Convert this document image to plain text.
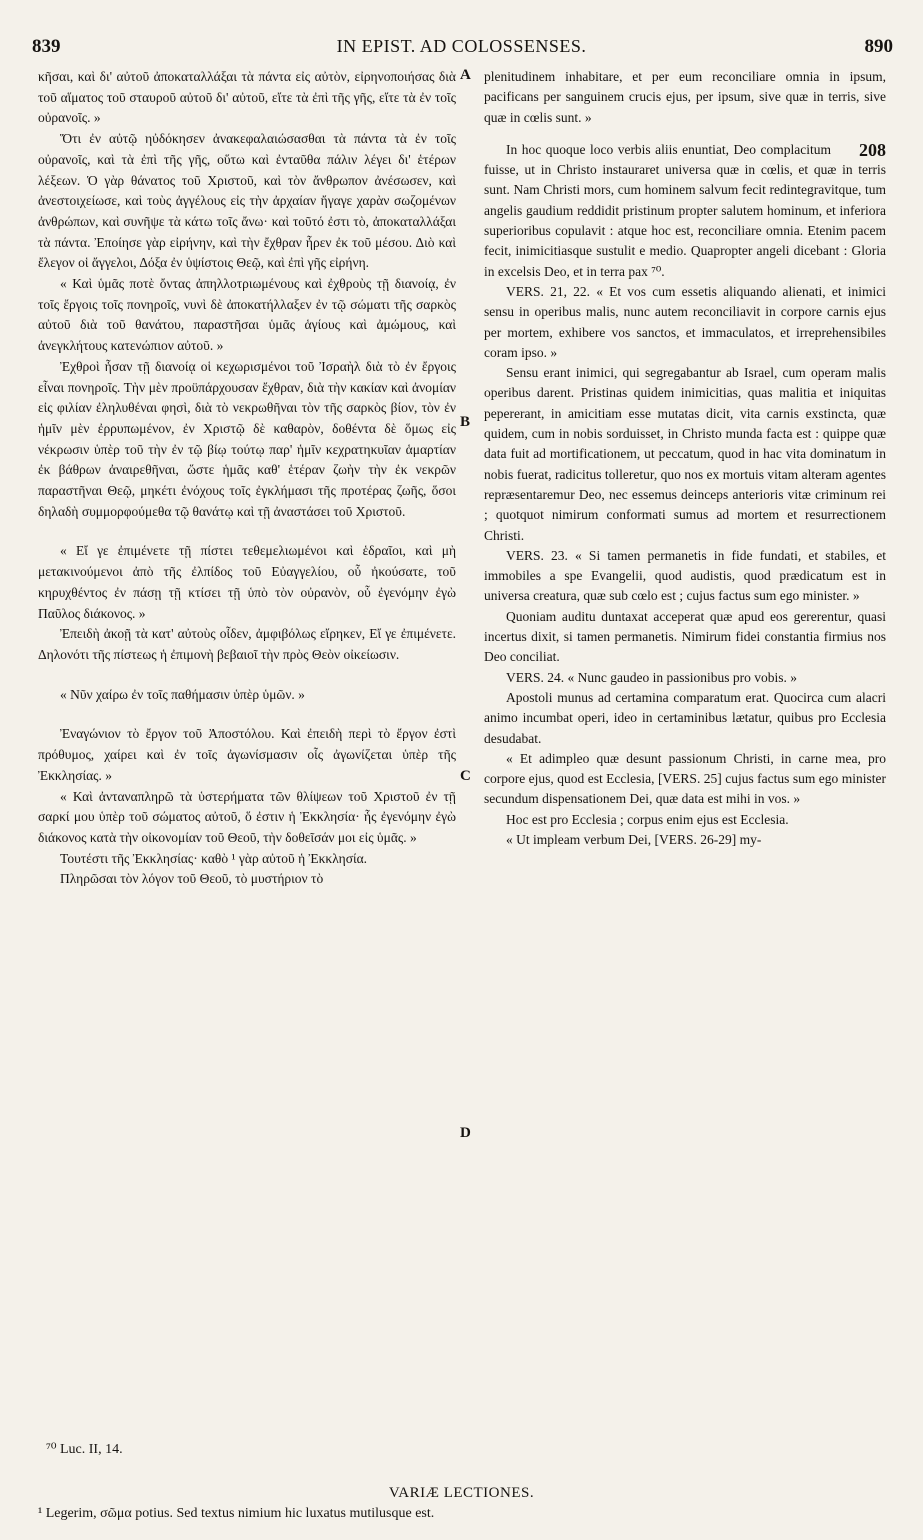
839	IN EPIST. AD COLOSSENSES.	890
A
B
C
D

κῆσαι, καὶ δι' αὐτοῦ ἀποκαταλλάξαι τὰ πάντα εἰς αὐτὸν, εἰρηνοποιήσας διὰ τοῦ αἵματος τοῦ σταυροῦ αὐτοῦ δι' αὐτοῦ, εἴτε τὰ ἐπὶ τῆς γῆς, εἴτε τὰ ἐν τοῖς οὐρανοῖς. »

Ὅτι ἐν αὐτῷ ηὐδόκησεν ἀνακεφαλαιώσασθαι τὰ πάντα τὰ ἐν τοῖς οὐρανοῖς, καὶ τὰ ἐπὶ τῆς γῆς, οὕτω καὶ ἐνταῦθα πάλιν λέγει δι' ἑτέρων λέξεων. Ὁ γὰρ θάνατος τοῦ Χριστοῦ, καὶ τὸν ἄνθρωπον ἀνέσωσεν, καὶ ἀνεστοιχείωσε, καὶ τοὺς ἀγγέλους εἰς τὴν ἀρχαίαν ἤγαγε χαρὰν σωζομένων ἀνθρώπων, καὶ συνῆψε τὰ κάτω τοῖς ἄνω· καὶ τοῦτό ἐστι τὸ, ἀποκαταλλάξαι τὰ πάντα. Ἐποίησε γὰρ εἰρήνην, καὶ τὴν ἔχθραν ἦρεν ἐκ τοῦ μέσου. Διὸ καὶ ἔλεγον οἱ ἄγγελοι, Δόξα ἐν ὑψίστοις Θεῷ, καὶ ἐπὶ γῆς εἰρήνη.

« Καὶ ὑμᾶς ποτὲ ὄντας ἀπηλλοτριωμένους καὶ ἐχθροὺς τῇ διανοίᾳ, ἐν τοῖς ἔργοις τοῖς πονηροῖς, νυνὶ δὲ ἀποκατήλλαξεν ἐν τῷ σώματι τῆς σαρκὸς αὐτοῦ διὰ τοῦ θανάτου, παραστῆσαι ὑμᾶς ἁγίους καὶ ἀμώμους, καὶ ἀνεγκλήτους κατενώπιον αὐτοῦ. »

Ἐχθροὶ ἦσαν τῇ διανοίᾳ οἱ κεχωρισμένοι τοῦ Ἰσραὴλ διὰ τὸ ἐν ἔργοις εἶναι πονηροῖς. Τὴν μὲν προϋπάρχουσαν ἔχθραν, διὰ τὴν κακίαν καὶ ἀνομίαν εἰς φιλίαν ἐληλυθέναι φησὶ, διὰ τὸ νεκρωθῆναι τὸν τῆς σαρκὸς βίον, τὸν ἐν ἡμῖν μὲν ἐρρυπωμένον, ἐν Χριστῷ δὲ καθαρὸν, δοθέντα δὲ ὅμως εἰς νέκρωσιν ὑπὲρ τοῦ τὴν ἐν τῷ βίῳ τούτῳ παρ' ἡμῖν κεχρατηκυῖαν ἁμαρτίαν ἐκ βάθρων ἀναιρεθῆναι, ὥστε ἡμᾶς καθ' ἑτέραν ζωὴν τὴν ἐκ νεκρῶν παραστῆναι Θεῷ, μηκέτι ἐνόχους τοῖς ἐγκλήμασι τῆς προτέρας ζωῆς, ὅσοι δηλαδὴ συμμορφούμεθα τῷ θανάτῳ καὶ τῇ ἀναστάσει τοῦ Χριστοῦ.

« Εἴ γε ἐπιμένετε τῇ πίστει τεθεμελιωμένοι καὶ ἑδραῖοι, καὶ μὴ μετακινούμενοι ἀπὸ τῆς ἐλπίδος τοῦ Εὐαγγελίου, οὗ ἠκούσατε, τοῦ κηρυχθέντος ἐν πάσῃ τῇ κτίσει τῇ ὑπὸ τὸν οὐρανὸν, οὗ ἐγενόμην ἐγὼ Παῦλος διάκονος. »

Ἐπειδὴ ἀκοῇ τὰ κατ' αὐτοὺς οἶδεν, ἀμφιβόλως εἴρηκεν, Εἴ γε ἐπιμένετε. Δηλονότι τῆς πίστεως ἡ ἐπιμονὴ βεβαιοῖ τὴν πρὸς Θεὸν οἰκείωσιν.

« Νῦν χαίρω ἐν τοῖς παθήμασιν ὑπὲρ ὑμῶν. »

Ἐναγώνιον τὸ ἔργον τοῦ Ἀποστόλου. Καὶ ἐπειδὴ περὶ τὸ ἔργον ἐστὶ πρόθυμος, χαίρει καὶ ἐν τοῖς ἀγωνίσμασιν οἷς ἀγωνίζεται ὑπὲρ τῆς Ἐκκλησίας. »

« Καὶ ἀνταναπληρῶ τὰ ὑστερήματα τῶν θλίψεων τοῦ Χριστοῦ ἐν τῇ σαρκί μου ὑπὲρ τοῦ σώματος αὐτοῦ, ὅ ἐστιν ἡ Ἐκκλησία· ἧς ἐγενόμην ἐγὼ διάκονος κατὰ τὴν οἰκονομίαν τοῦ Θεοῦ, τὴν δοθεῖσάν μοι εἰς ὑμᾶς. »

Τουτέστι τῆς Ἐκκλησίας· καθὸ ¹ γὰρ αὐτοῦ ἡ Ἐκκλησία.

Πληρῶσαι τὸν λόγον τοῦ Θεοῦ, τὸ μυστήριον τὸ

plenitudinem inhabitare, et per eum reconciliare omnia in ipsum, pacificans per sanguinem crucis ejus, per ipsum, sive quæ in terris, sive quæ in cœlis sunt. »

208
In hoc quoque loco verbis aliis enuntiat, Deo complacitum fuisse, ut in Christo instauraret universa quæ in cœlis, et quæ in terris sunt. Nam Christi mors, cum hominem salvum fecit redintegravitque, tum angelis gaudium reddidit pristinum propter salutem hominum, et inferiora superioribus copulavit : atque hoc est, reconciliare omnia. Etenim pacem fecit, inimicitiasque sustulit e medio. Quapropter angeli dicebant : Gloria in excelsis Deo, et in terra pax ⁷⁰.

VERS. 21, 22. « Et vos cum essetis aliquando alienati, et inimici sensu in operibus malis, nunc autem reconciliavit in corpore carnis ejus per mortem, exhibere vos sanctos, et immaculatos, et irreprehensibiles coram ipso. »

Sensu erant inimici, qui segregabantur ab Israel, cum operam malis operibus darent. Pristinas quidem inimicitias, quas malitia et iniquitas pepererant, in amicitiam esse mutatas dicit, vita carnis exstincta, quæ quidem, cum in nobis sorduisset, in Christo munda facta est : quippe quæ data fuit ad mortificationem, ut peccatum, quod in hac vita dominatum in nobis fuerat, radicitus tolleretur, quo nos ex mortuis vitam alteram agentes repræsentaremur Deo, nec essemus deinceps anterioris vitæ criminum rei ; quotquot nimirum conformati sumus ad mortem et resurrectionem Christi.

VERS. 23. « Si tamen permanetis in fide fundati, et stabiles, et immobiles a spe Evangelii, quod audistis, quod prædicatum est in universa creatura, quæ sub cœlo est ; cujus factus sum ego minister. »

Quoniam auditu duntaxat acceperat quæ apud eos gererentur, quasi incertus dixit, si tamen permanetis. Nimirum fidei constantia firmius nos Deo conciliat.

VERS. 24. « Nunc gaudeo in passionibus pro vobis. »

Apostoli munus ad certamina comparatum erat. Quocirca cum alacri animo incumbat operi, ideo in certaminibus lætatur, quibus pro Ecclesia desudabat.

« Et adimpleo quæ desunt passionum Christi, in carne mea, pro corpore ejus, quod est Ecclesia, [VERS. 25] cujus factus sum ego minister secundum dispensationem Dei, quæ data est mihi in vos. »

Hoc est pro Ecclesia ; corpus enim ejus est Ecclesia.

« Ut impleam verbum Dei, [VERS. 26-29] my-

⁷⁰ Luc. II, 14.
VARIÆ LECTIONES.
¹ Legerim, σῶμα potius. Sed textus nimium hic luxatus mutilusque est.
